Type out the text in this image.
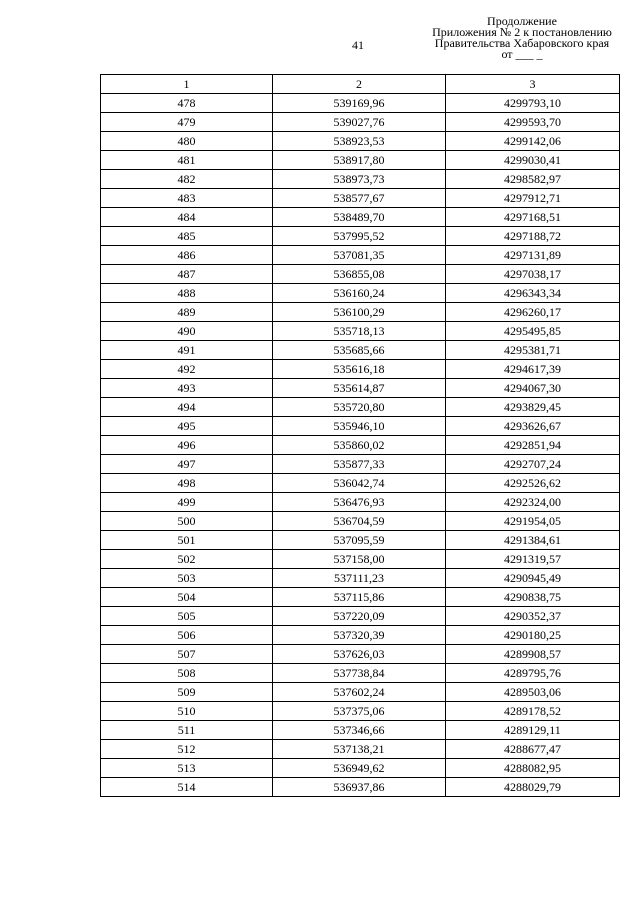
41
Продолжение
Приложения № 2 к постановлению
Правительства Хабаровского края
от ___ _
1	2	3
478	539169,96	4299793,10
479	539027,76	4299593,70
480	538923,53	4299142,06
481	538917,80	4299030,41
482	538973,73	4298582,97
483	538577,67	4297912,71
484	538489,70	4297168,51
485	537995,52	4297188,72
486	537081,35	4297131,89
487	536855,08	4297038,17
488	536160,24	4296343,34
489	536100,29	4296260,17
490	535718,13	4295495,85
491	535685,66	4295381,71
492	535616,18	4294617,39
493	535614,87	4294067,30
494	535720,80	4293829,45
495	535946,10	4293626,67
496	535860,02	4292851,94
497	535877,33	4292707,24
498	536042,74	4292526,62
499	536476,93	4292324,00
500	536704,59	4291954,05
501	537095,59	4291384,61
502	537158,00	4291319,57
503	537111,23	4290945,49
504	537115,86	4290838,75
505	537220,09	4290352,37
506	537320,39	4290180,25
507	537626,03	4289908,57
508	537738,84	4289795,76
509	537602,24	4289503,06
510	537375,06	4289178,52
511	537346,66	4289129,11
512	537138,21	4288677,47
513	536949,62	4288082,95
514	536937,86	4288029,79
